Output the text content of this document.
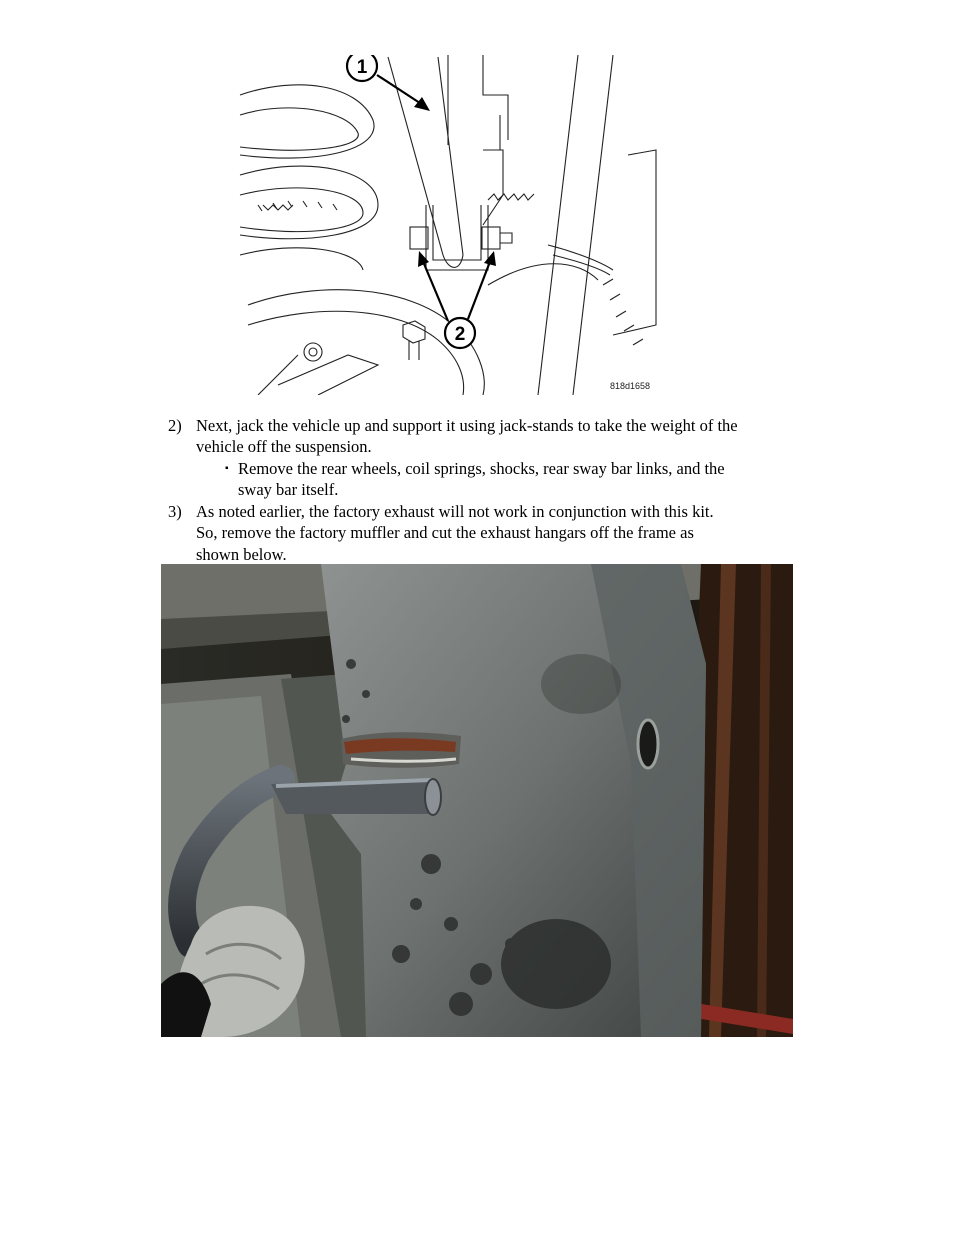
1
2
818d1658
2) Next, jack the vehicle up and support it using jack-stands to take the weight of the
vehicle off the suspension.
▪ Remove the rear wheels, coil springs, shocks, rear sway bar links, and the
sway bar itself.
3) As noted earlier, the factory exhaust will not work in conjunction with this kit.
So, remove the factory muffler and cut the exhaust hangars off the frame as
shown below.
